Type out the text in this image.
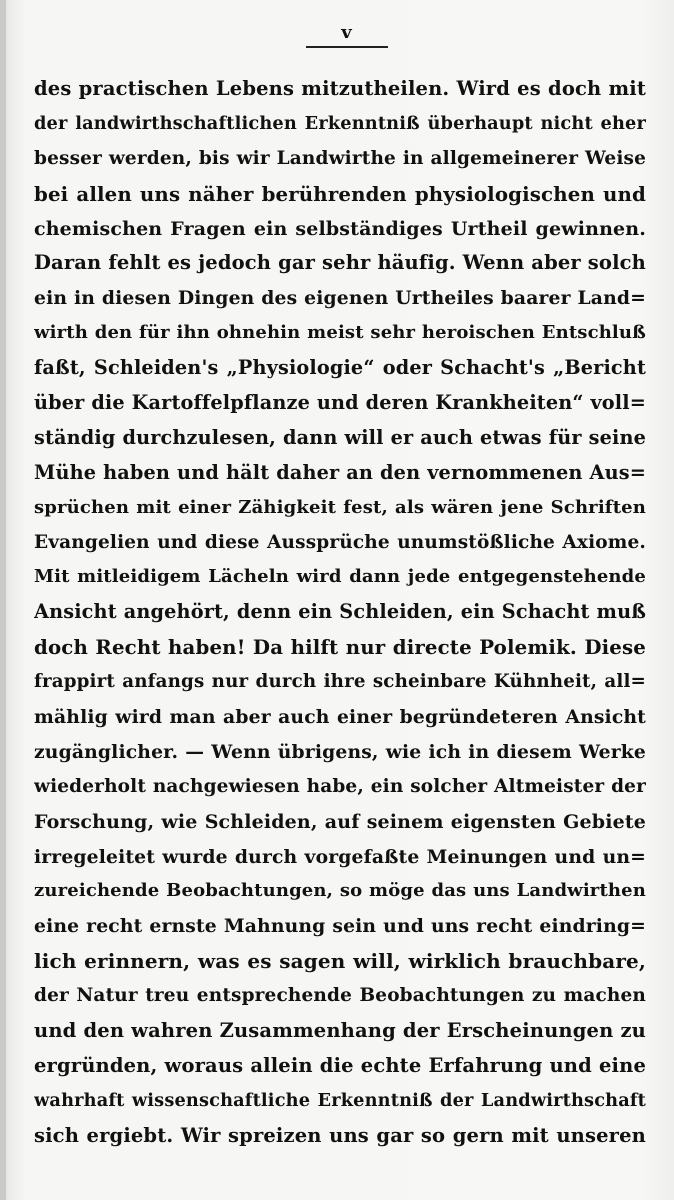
v
des practischen Lebens mitzutheilen. Wird es doch mit
der landwirthschaftlichen Erkenntniß überhaupt nicht eher
besser werden, bis wir Landwirthe in allgemeinerer Weise
bei allen uns näher berührenden physiologischen und
chemischen Fragen ein selbständiges Urtheil gewinnen.
Daran fehlt es jedoch gar sehr häufig. Wenn aber solch
ein in diesen Dingen des eigenen Urtheiles baarer Land=
wirth den für ihn ohnehin meist sehr heroischen Entschluß
faßt, Schleiden's „Physiologie“ oder Schacht's „Bericht
über die Kartoffelpflanze und deren Krankheiten“ voll=
ständig durchzulesen, dann will er auch etwas für seine
Mühe haben und hält daher an den vernommenen Aus=
sprüchen mit einer Zähigkeit fest, als wären jene Schriften
Evangelien und diese Aussprüche unumstößliche Axiome.
Mit mitleidigem Lächeln wird dann jede entgegenstehende
Ansicht angehört, denn ein Schleiden, ein Schacht muß
doch Recht haben! Da hilft nur directe Polemik. Diese
frappirt anfangs nur durch ihre scheinbare Kühnheit, all=
mählig wird man aber auch einer begründeteren Ansicht
zugänglicher. — Wenn übrigens, wie ich in diesem Werke
wiederholt nachgewiesen habe, ein solcher Altmeister der
Forschung, wie Schleiden, auf seinem eigensten Gebiete
irregeleitet wurde durch vorgefaßte Meinungen und un=
zureichende Beobachtungen, so möge das uns Landwirthen
eine recht ernste Mahnung sein und uns recht eindring=
lich erinnern, was es sagen will, wirklich brauchbare,
der Natur treu entsprechende Beobachtungen zu machen
und den wahren Zusammenhang der Erscheinungen zu
ergründen, woraus allein die echte Erfahrung und eine
wahrhaft wissenschaftliche Erkenntniß der Landwirthschaft
sich ergiebt. Wir spreizen uns gar so gern mit unseren
